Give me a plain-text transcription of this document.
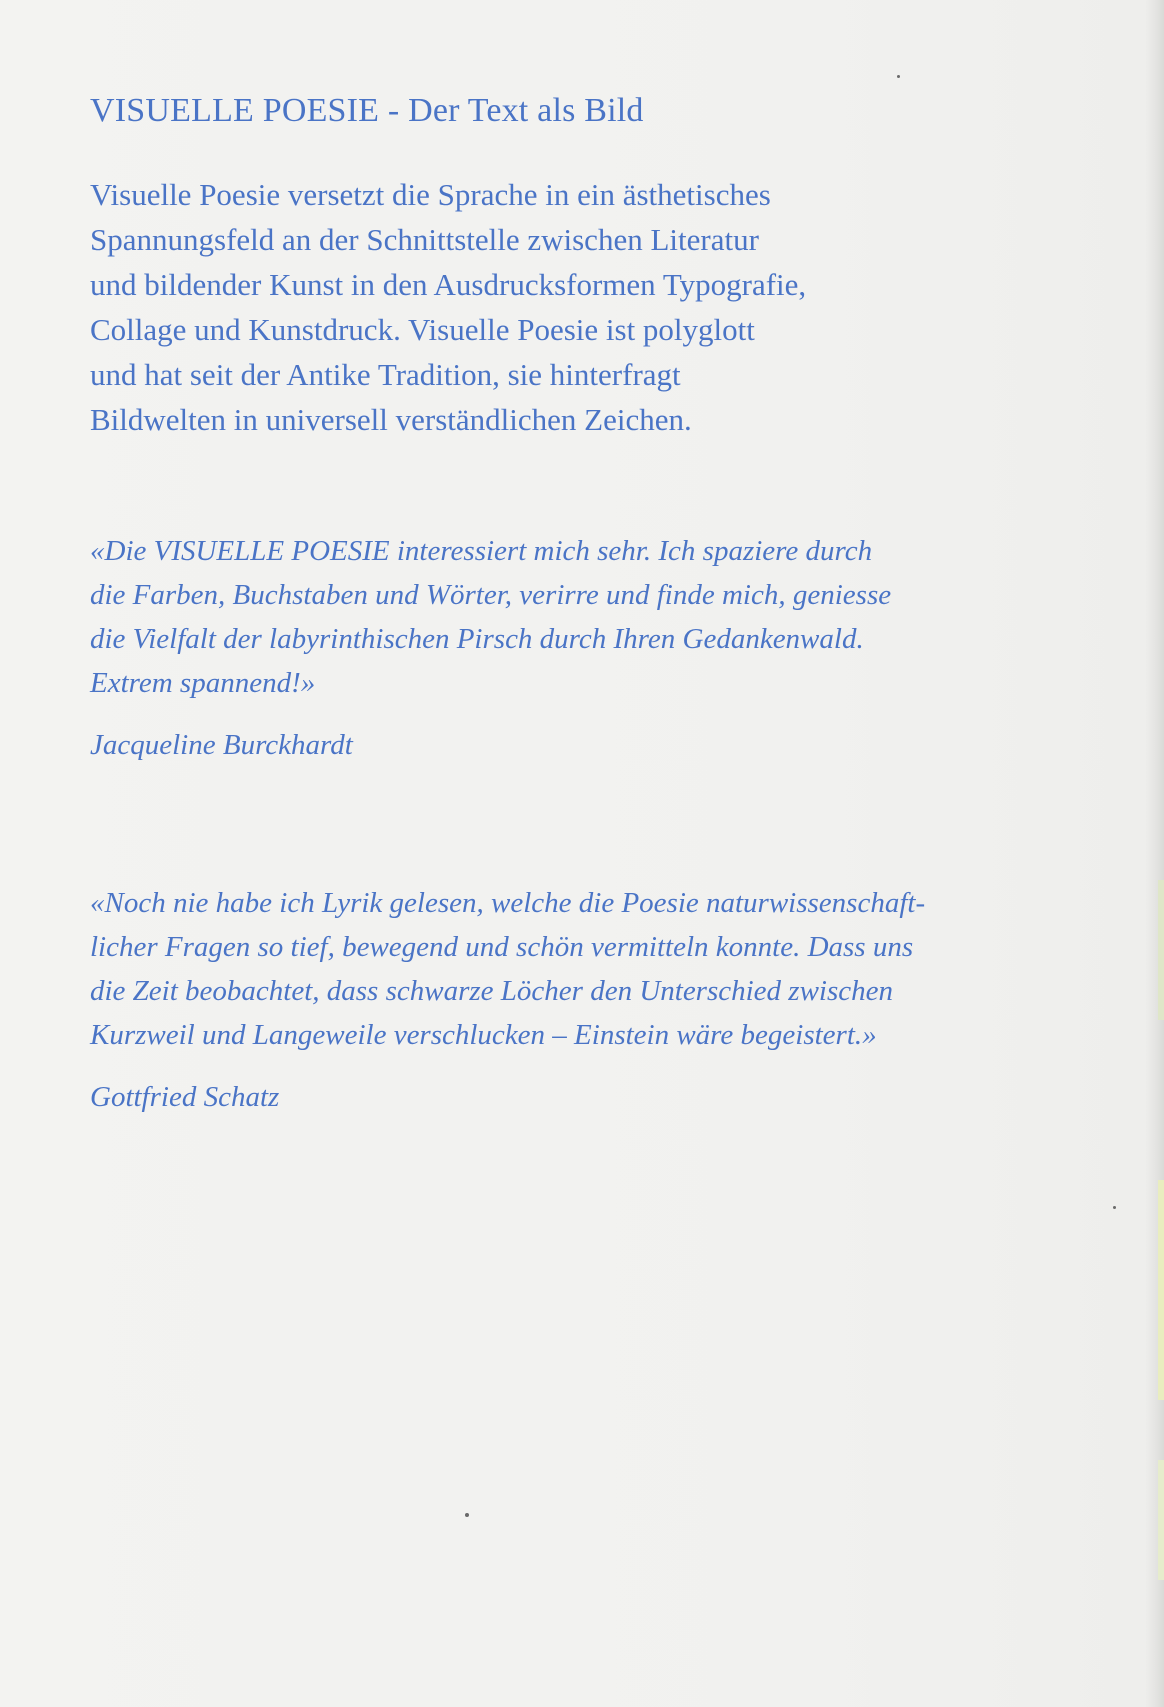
VISUELLE POESIE - Der Text als Bild
Visuelle Poesie versetzt die Sprache in ein ästhetisches
Spannungsfeld an der Schnittstelle zwischen Literatur
und bildender Kunst in den Ausdrucksformen Typografie,
Collage und Kunstdruck. Visuelle Poesie ist polyglott
und hat seit der Antike Tradition, sie hinterfragt
Bildwelten in universell verständlichen Zeichen.
«Die VISUELLE POESIE interessiert mich sehr. Ich spaziere durch
die Farben, Buchstaben und Wörter, verirre und finde mich, geniesse
die Vielfalt der labyrinthischen Pirsch durch Ihren Gedankenwald.
Extrem spannend!»
Jacqueline Burckhardt
«Noch nie habe ich Lyrik gelesen, welche die Poesie naturwissenschaft-
licher Fragen so tief, bewegend und schön vermitteln konnte. Dass uns
die Zeit beobachtet, dass schwarze Löcher den Unterschied zwischen
Kurzweil und Langeweile verschlucken – Einstein wäre begeistert.»
Gottfried Schatz
